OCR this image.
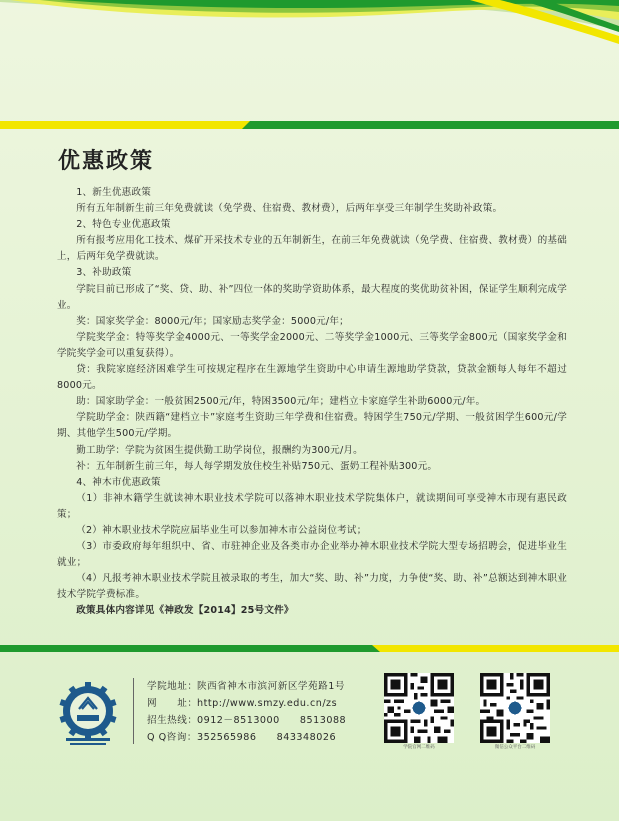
优惠政策

1、新生优惠政策

所有五年制新生前三年免费就读（免学费、住宿费、教材费），后两年享受三年制学生奖助补政策。

2、特色专业优惠政策

所有报考应用化工技术、煤矿开采技术专业的五年制新生，在前三年免费就读（免学费、住宿费、教材费）的基础上，后两年免学费就读。

3、补助政策

学院目前已形成了“奖、贷、助、补”四位一体的奖助学资助体系，最大程度的奖优助贫补困，保证学生顺利完成学业。

奖：国家奖学金：8000元/年；国家励志奖学金：5000元/年；

学院奖学金：特等奖学金4000元、一等奖学金2000元、二等奖学金1000元、三等奖学金800元（国家奖学金和学院奖学金可以重复获得）。

贷：我院家庭经济困难学生可按规定程序在生源地学生资助中心申请生源地助学贷款，贷款金额每人每年不超过8000元。

助：国家助学金：一般贫困2500元/年，特困3500元/年；建档立卡家庭学生补助6000元/年。

学院助学金：陕西籍“建档立卡”家庭考生资助三年学费和住宿费。特困学生750元/学期、一般贫困学生600元/学期、其他学生500元/学期。

勤工助学：学院为贫困生提供勤工助学岗位，报酬约为300元/月。

补：五年制新生前三年，每人每学期发放住校生补贴750元、蛋奶工程补贴300元。

4、神木市优惠政策

（1）非神木籍学生就读神木职业技术学院可以落神木职业技术学院集体户，就读期间可享受神木市现有惠民政策；

（2）神木职业技术学院应届毕业生可以参加神木市公益岗位考试；

（3）市委政府每年组织中、省、市驻神企业及各类市办企业举办神木职业技术学院大型专场招聘会，促进毕业生就业；

（4）凡报考神木职业技术学院且被录取的考生，加大“奖、助、补”力度，力争使“奖、助、补”总额达到神木职业技术学院学费标准。

政策具体内容详见《神政发【2014】25号文件》

学院地址：陕西省神木市滨河新区学苑路1号
网　　址：http://www.smzy.edu.cn/zs
招生热线：0912－8513000　　8513088
Q Q咨询：352565986　　843348026
学院官网二维码	微信公众平台二维码
